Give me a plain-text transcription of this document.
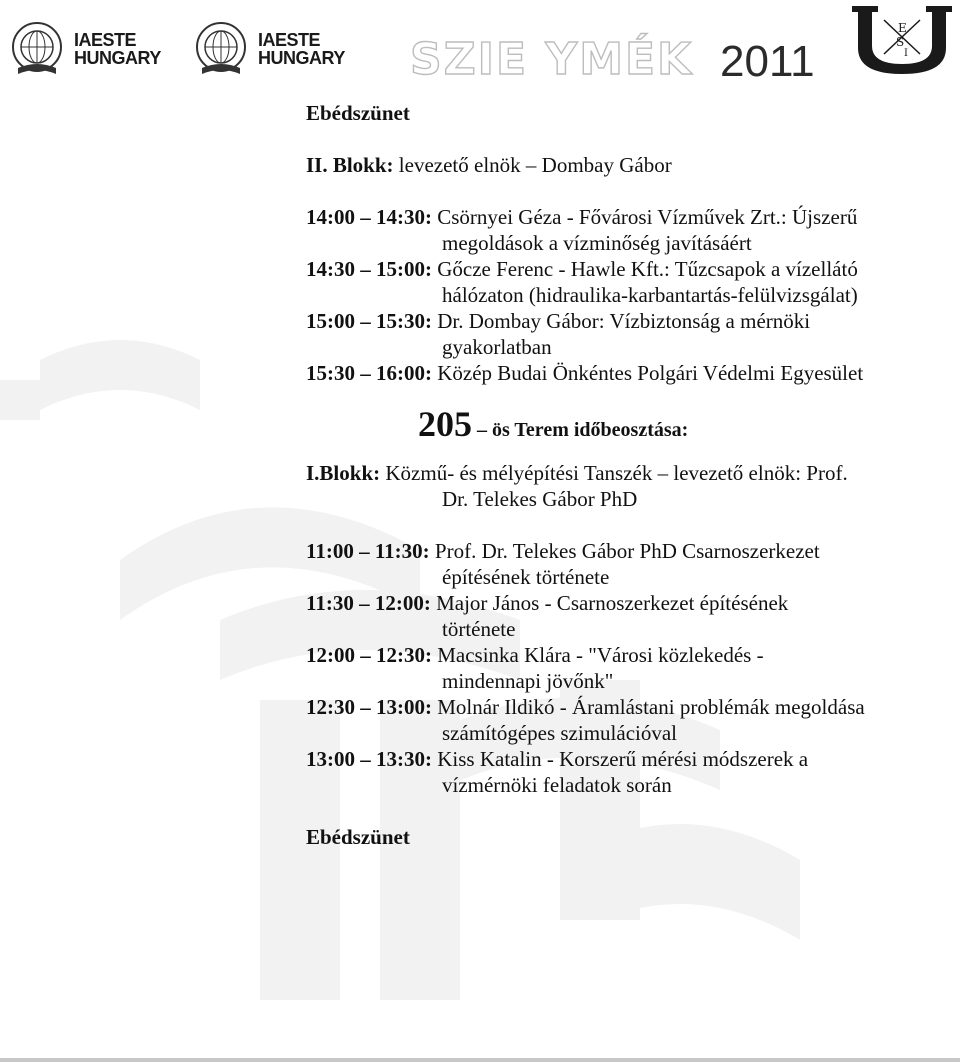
IAESTE
HUNGARY
IAESTE
HUNGARY SZIE YMÉK 2011
E
S
I
Ebédszünet
II. Blokk: levezető elnök – Dombay Gábor
14:00 – 14:30: Csörnyei Géza - Fővárosi Vízművek Zrt.: Újszerű megoldások a vízminőség javításáért
14:30 – 15:00: Gőcze Ferenc - Hawle Kft.: Tűzcsapok a vízellátó hálózaton (hidraulika-karbantartás-felülvizsgálat)
15:00 – 15:30: Dr. Dombay Gábor: Vízbiztonság a mérnöki gyakorlatban
15:30 – 16:00: Közép Budai Önkéntes Polgári Védelmi Egyesület
205 – ös Terem időbeosztása:
I.Blokk: Közmű- és mélyépítési Tanszék – levezető elnök: Prof. Dr. Telekes Gábor PhD
11:00 – 11:30: Prof. Dr. Telekes Gábor PhD Csarnoszerkezet építésének története
11:30 – 12:00: Major János - Csarnoszerkezet építésének története
12:00 – 12:30: Macsinka Klára - "Városi közlekedés - mindennapi jövőnk"
12:30 – 13:00: Molnár Ildikó - Áramlástani problémák megoldása számítógépes szimulációval
13:00 – 13:30: Kiss Katalin - Korszerű mérési módszerek a vízmérnöki feladatok során
Ebédszünet
